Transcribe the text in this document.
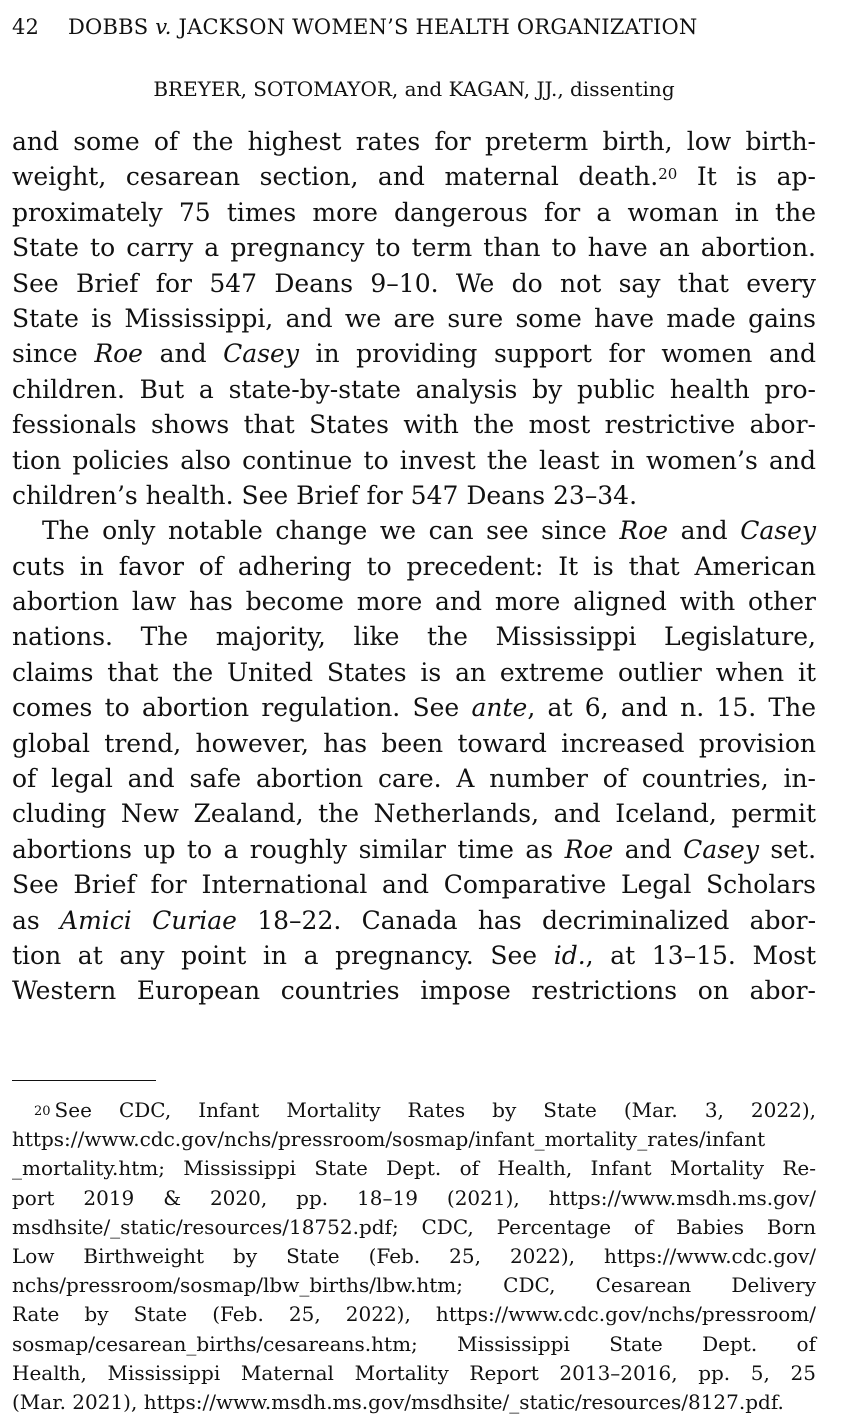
42 DOBBS v. JACKSON WOMEN’S HEALTH ORGANIZATION
BREYER, SOTOMAYOR, and KAGAN, JJ., dissenting
and some of the highest rates for preterm birth, low birth-
weight, cesarean section, and maternal death.$^{20}$ It is ap-
proximately 75 times more dangerous for a woman in the
State to carry a pregnancy to term than to have an abortion.
See Brief for 547 Deans 9–10. We do not say that every
State is Mississippi, and we are sure some have made gains
since Roe and Casey in providing support for women and
children. But a state-by-state analysis by public health pro-
fessionals shows that States with the most restrictive abor-
tion policies also continue to invest the least in women’s and
children’s health. See Brief for 547 Deans 23–34.
The only notable change we can see since Roe and Casey
cuts in favor of adhering to precedent: It is that American
abortion law has become more and more aligned with other
nations. The majority, like the Mississippi Legislature,
claims that the United States is an extreme outlier when it
comes to abortion regulation. See ante, at 6, and n. 15. The
global trend, however, has been toward increased provision
of legal and safe abortion care. A number of countries, in-
cluding New Zealand, the Netherlands, and Iceland, permit
abortions up to a roughly similar time as Roe and Casey set.
See Brief for International and Comparative Legal Scholars
as Amici Curiae 18–22. Canada has decriminalized abor-
tion at any point in a pregnancy. See id., at 13–15. Most
Western European countries impose restrictions on abor-
$^{20}$ See CDC, Infant Mortality Rates by State (Mar. 3, 2022),
https://www.cdc.gov/nchs/pressroom/sosmap/infant_mortality_rates/infant
_mortality.htm; Mississippi State Dept. of Health, Infant Mortality Re-
port 2019 & 2020, pp. 18–19 (2021), https://www.msdh.ms.gov/
msdhsite/_static/resources/18752.pdf; CDC, Percentage of Babies Born
Low Birthweight by State (Feb. 25, 2022), https://www.cdc.gov/
nchs/pressroom/sosmap/lbw_births/lbw.htm; CDC, Cesarean Delivery
Rate by State (Feb. 25, 2022), https://www.cdc.gov/nchs/pressroom/
sosmap/cesarean_births/cesareans.htm; Mississippi State Dept. of
Health, Mississippi Maternal Mortality Report 2013–2016, pp. 5, 25
(Mar. 2021), https://www.msdh.ms.gov/msdhsite/_static/resources/8127.pdf.
